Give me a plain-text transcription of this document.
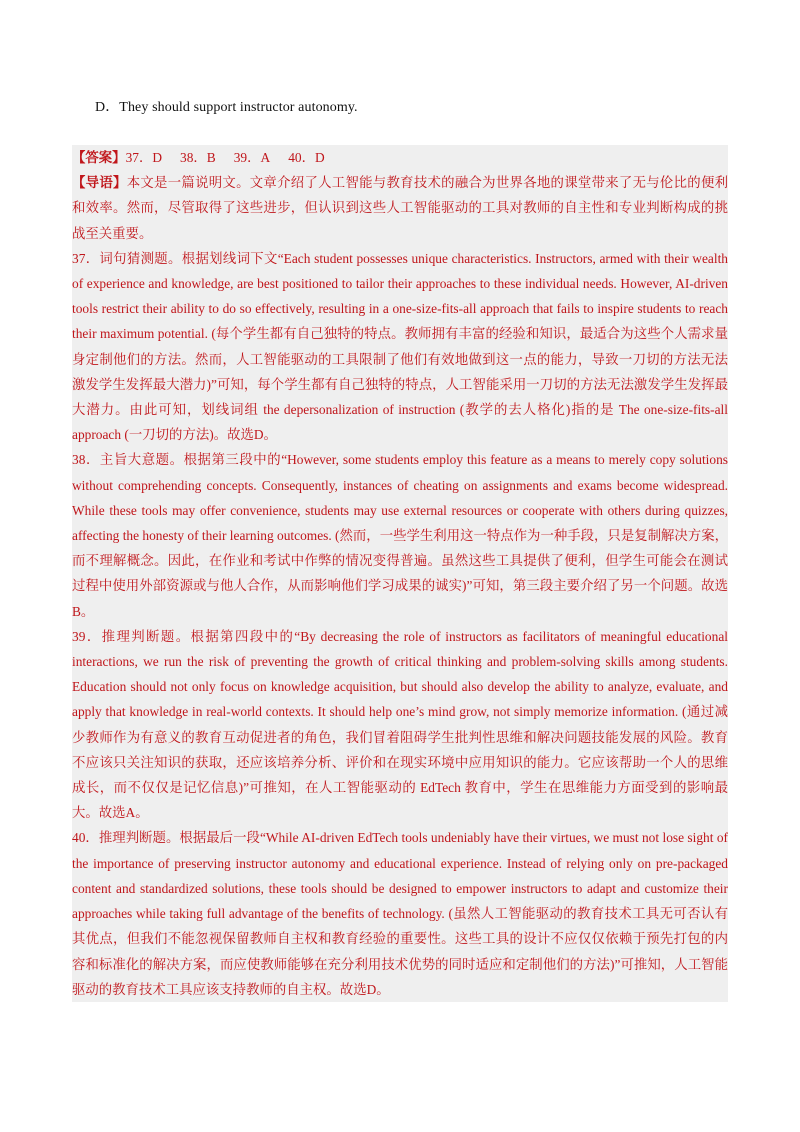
D．They should support instructor autonomy.

【答案】37．D 38．B 39．A 40．D

【导语】本文是一篇说明文。文章介绍了人工智能与教育技术的融合为世界各地的课堂带来了无与伦比的便利和效率。然而，尽管取得了这些进步，但认识到这些人工智能驱动的工具对教师的自主性和专业判断构成的挑战至关重要。

37．词句猜测题。根据划线词下文“Each student possesses unique characteristics. Instructors, armed with their wealth of experience and knowledge, are best positioned to tailor their approaches to these individual needs. However, AI-driven tools restrict their ability to do so effectively, resulting in a one-size-fits-all approach that fails to inspire students to reach their maximum potential. (每个学生都有自己独特的特点。教师拥有丰富的经验和知识，最适合为这些个人需求量身定制他们的方法。然而，人工智能驱动的工具限制了他们有效地做到这一点的能力，导致一刀切的方法无法激发学生发挥最大潜力)”可知，每个学生都有自己独特的特点，人工智能采用一刀切的方法无法激发学生发挥最大潜力。由此可知，划线词组 the depersonalization of instruction (教学的去人格化)指的是 The one-size-fits-all approach (一刀切的方法)。故选D。

38．主旨大意题。根据第三段中的“However, some students employ this feature as a means to merely copy solutions without comprehending concepts. Consequently, instances of cheating on assignments and exams become widespread. While these tools may offer convenience, students may use external resources or cooperate with others during quizzes, affecting the honesty of their learning outcomes. (然而，一些学生利用这一特点作为一种手段，只是复制解决方案，而不理解概念。因此，在作业和考试中作弊的情况变得普遍。虽然这些工具提供了便利，但学生可能会在测试过程中使用外部资源或与他人合作，从而影响他们学习成果的诚实)”可知，第三段主要介绍了另一个问题。故选B。

39．推理判断题。根据第四段中的“By decreasing the role of instructors as facilitators of meaningful educational interactions, we run the risk of preventing the growth of critical thinking and problem-solving skills among students. Education should not only focus on knowledge acquisition, but should also develop the ability to analyze, evaluate, and apply that knowledge in real-world contexts. It should help one’s mind grow, not simply memorize information. (通过减少教师作为有意义的教育互动促进者的角色，我们冒着阻碍学生批判性思维和解决问题技能发展的风险。教育不应该只关注知识的获取，还应该培养分析、评价和在现实环境中应用知识的能力。它应该帮助一个人的思维成长，而不仅仅是记忆信息)”可推知，在人工智能驱动的 EdTech 教育中，学生在思维能力方面受到的影响最大。故选A。

40．推理判断题。根据最后一段“While AI-driven EdTech tools undeniably have their virtues, we must not lose sight of the importance of preserving instructor autonomy and educational experience. Instead of relying only on pre-packaged content and standardized solutions, these tools should be designed to empower instructors to adapt and customize their approaches while taking full advantage of the benefits of technology. (虽然人工智能驱动的教育技术工具无可否认有其优点，但我们不能忽视保留教师自主权和教育经验的重要性。这些工具的设计不应仅仅依赖于预先打包的内容和标准化的解决方案，而应使教师能够在充分利用技术优势的同时适应和定制他们的方法)”可推知，人工智能驱动的教育技术工具应该支持教师的自主权。故选D。
